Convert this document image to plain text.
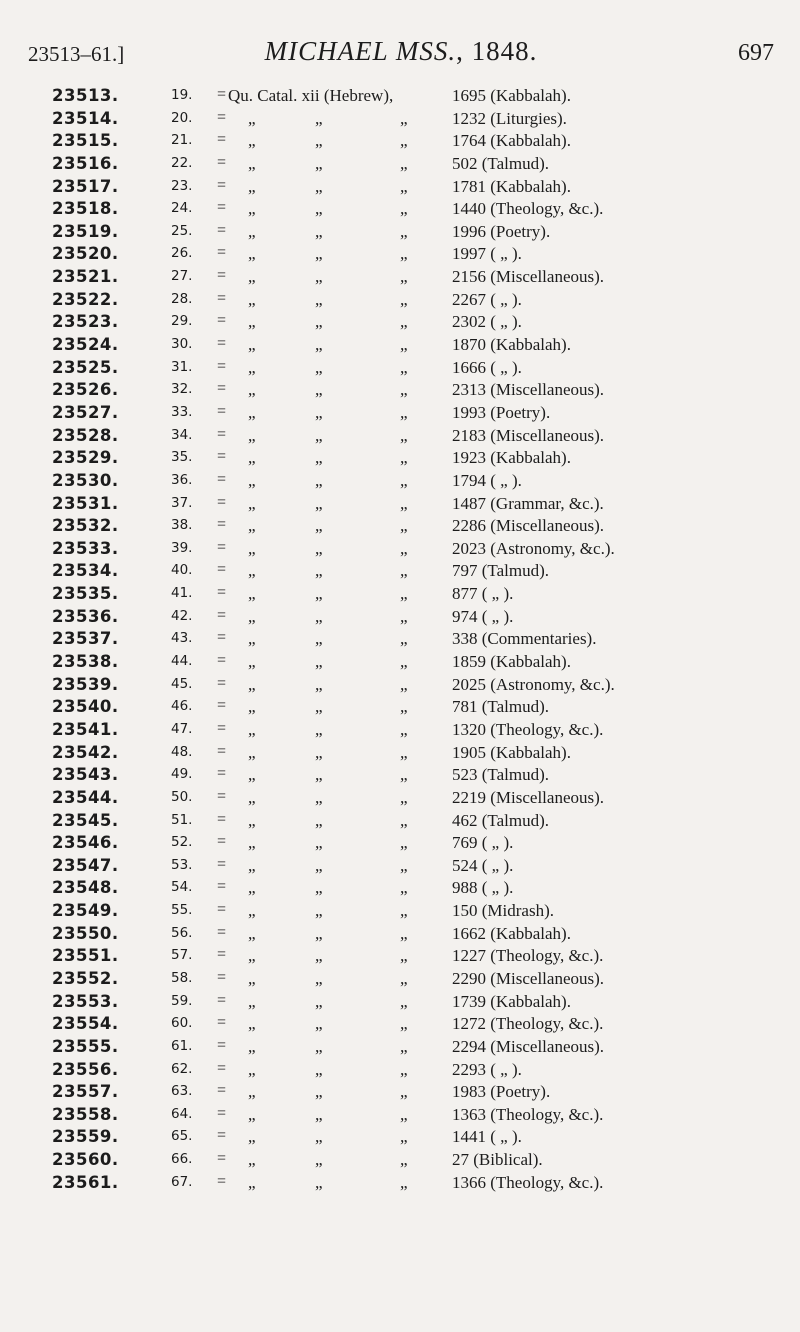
23513–61.]	MICHAEL MSS., 1848.	697
23513.	19. = Qu. Catal. xii (Hebrew),	1695 (Kabbalah).
23514.	20. = „	„	„	1232 (Liturgies).
23515.	21. = „	„	„	1764 (Kabbalah).
23516.	22. = „	„	„	502 (Talmud).
23517.	23. = „	„	„	1781 (Kabbalah).
23518.	24. = „	„	„	1440 (Theology, &c.).
23519.	25. = „	„	„	1996 (Poetry).
23520.	26. = „	„	„	1997 ( „ ).
23521.	27. = „	„	„	2156 (Miscellaneous).
23522.	28. = „	„	„	2267 ( „ ).
23523.	29. = „	„	„	2302 ( „ ).
23524.	30. = „	„	„	1870 (Kabbalah).
23525.	31. = „	„	„	1666 ( „ ).
23526.	32. = „	„	„	2313 (Miscellaneous).
23527.	33. = „	„	„	1993 (Poetry).
23528.	34. = „	„	„	2183 (Miscellaneous).
23529.	35. = „	„	„	1923 (Kabbalah).
23530.	36. = „	„	„	1794 ( „ ).
23531.	37. = „	„	„	1487 (Grammar, &c.).
23532.	38. = „	„	„	2286 (Miscellaneous).
23533.	39. = „	„	„	2023 (Astronomy, &c.).
23534.	40. = „	„	„	797 (Talmud).
23535.	41. = „	„	„	877 ( „ ).
23536.	42. = „	„	„	974 ( „ ).
23537.	43. = „	„	„	338 (Commentaries).
23538.	44. = „	„	„	1859 (Kabbalah).
23539.	45. = „	„	„	2025 (Astronomy, &c.).
23540.	46. = „	„	„	781 (Talmud).
23541.	47. = „	„	„	1320 (Theology, &c.).
23542.	48. = „	„	„	1905 (Kabbalah).
23543.	49. = „	„	„	523 (Talmud).
23544.	50. = „	„	„	2219 (Miscellaneous).
23545.	51. = „	„	„	462 (Talmud).
23546.	52. = „	„	„	769 ( „ ).
23547.	53. = „	„	„	524 ( „ ).
23548.	54. = „	„	„	988 ( „ ).
23549.	55. = „	„	„	150 (Midrash).
23550.	56. = „	„	„	1662 (Kabbalah).
23551.	57. = „	„	„	1227 (Theology, &c.).
23552.	58. = „	„	„	2290 (Miscellaneous).
23553.	59. = „	„	„	1739 (Kabbalah).
23554.	60. = „	„	„	1272 (Theology, &c.).
23555.	61. = „	„	„	2294 (Miscellaneous).
23556.	62. = „	„	„	2293 ( „ ).
23557.	63. = „	„	„	1983 (Poetry).
23558.	64. = „	„	„	1363 (Theology, &c.).
23559.	65. = „	„	„	1441 ( „ ).
23560.	66. = „	„	„	27 (Biblical).
23561.	67. = „	„	„	1366 (Theology, &c.).
